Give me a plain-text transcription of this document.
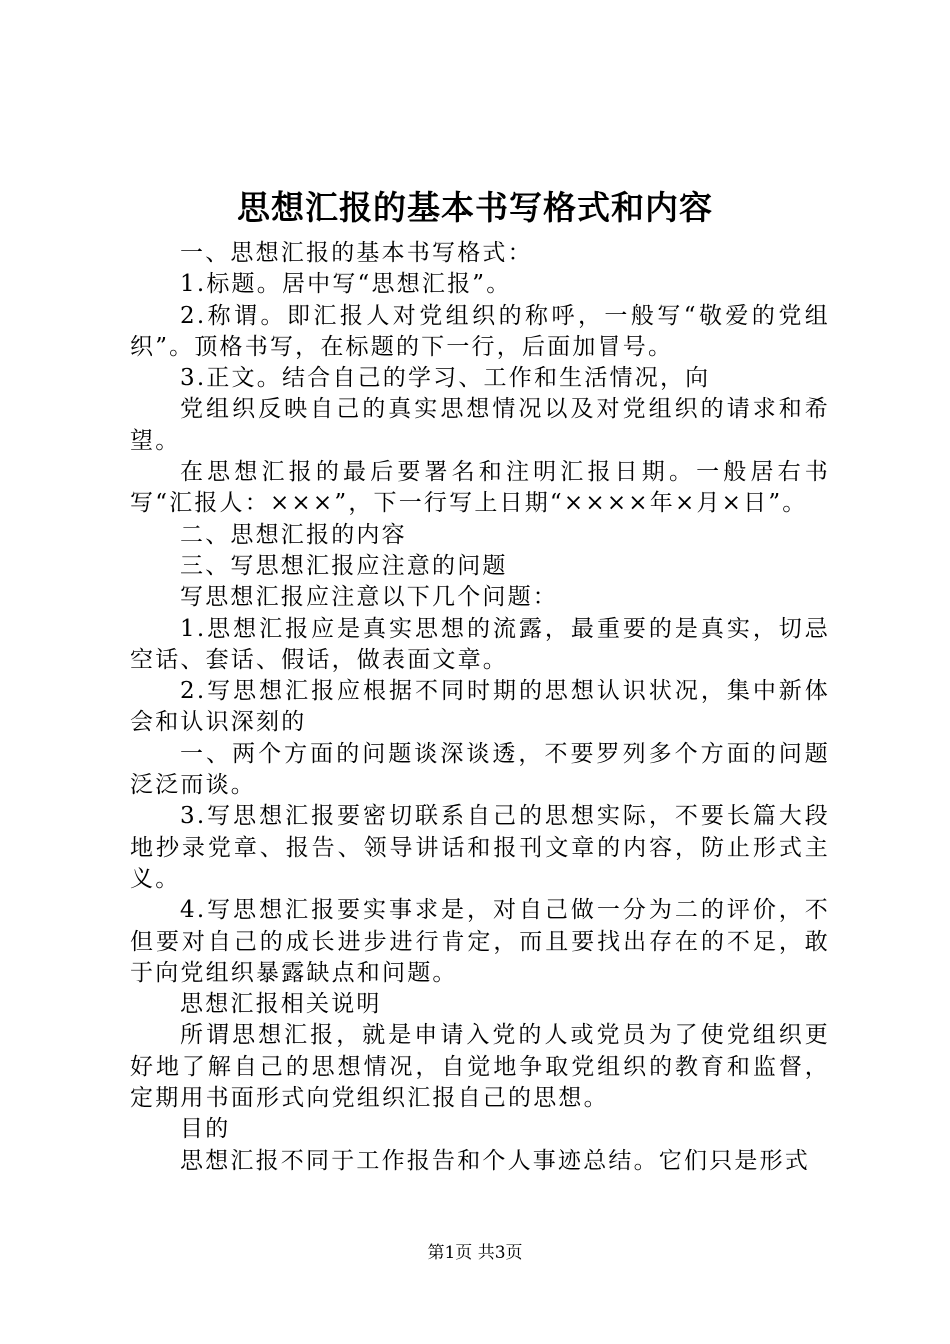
思想汇报的基本书写格式和内容

一、思想汇报的基本书写格式：

1.标题。居中写“思想汇报”。

2.称谓。即汇报人对党组织的称呼，一般写“敬爱的党组织”。顶格书写，在标题的下一行，后面加冒号。

3.正文。结合自己的学习、工作和生活情况，向

党组织反映自己的真实思想情况以及对党组织的请求和希望。

在思想汇报的最后要署名和注明汇报日期。一般居右书写“汇报人：×××”，下一行写上日期“××××年×月×日”。

二、思想汇报的内容

三、写思想汇报应注意的问题

写思想汇报应注意以下几个问题：

1.思想汇报应是真实思想的流露，最重要的是真实，切忌空话、套话、假话，做表面文章。

2.写思想汇报应根据不同时期的思想认识状况，集中新体会和认识深刻的

一、两个方面的问题谈深谈透，不要罗列多个方面的问题泛泛而谈。

3.写思想汇报要密切联系自己的思想实际，不要长篇大段地抄录党章、报告、领导讲话和报刊文章的内容，防止形式主义。

4.写思想汇报要实事求是，对自己做一分为二的评价，不但要对自己的成长进步进行肯定，而且要找出存在的不足，敢于向党组织暴露缺点和问题。

思想汇报相关说明

所谓思想汇报，就是申请入党的人或党员为了使党组织更好地了解自己的思想情况，自觉地争取党组织的教育和监督，定期用书面形式向党组织汇报自己的思想。

目的

思想汇报不同于工作报告和个人事迹总结。它们只是形式

第1页 共3页
